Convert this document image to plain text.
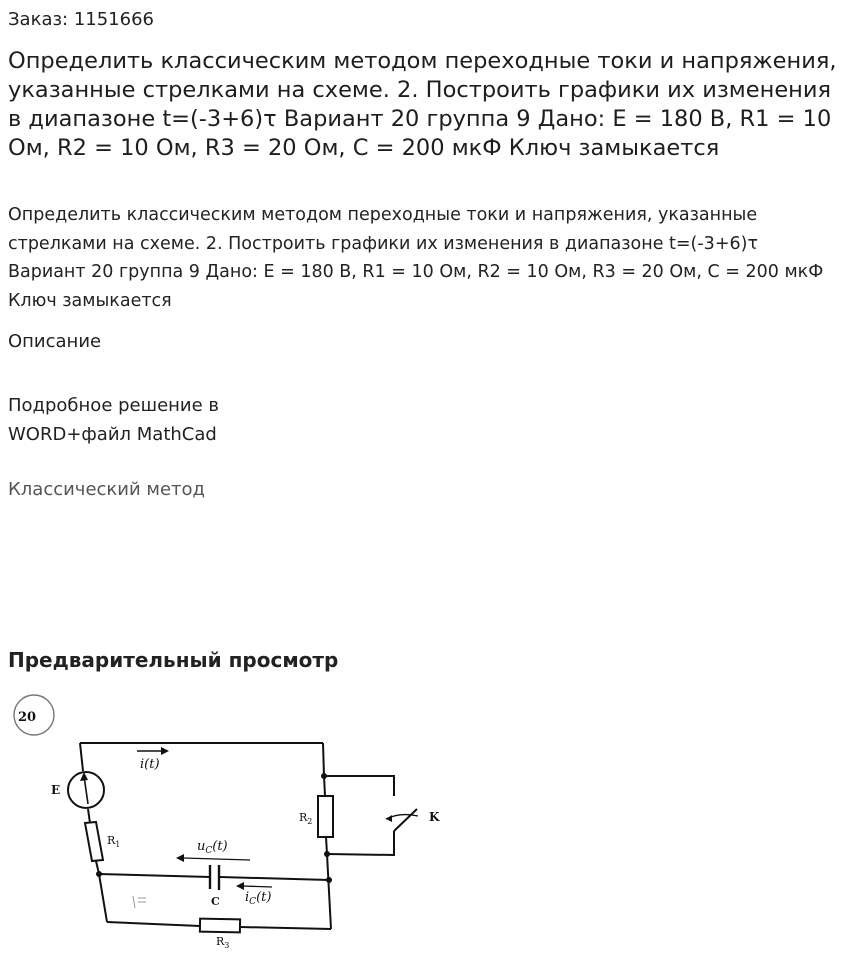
Заказ: 1151666
Определить классическим методом переходные токи и напряжения, указанные стрелками на схеме. 2. Построить графики их изменения в диапазоне t=(-3+6)τ Вариант 20 группа 9 Дано: E = 180 В, R1 = 10 Ом, R2 = 10 Ом, R3 = 20 Ом, C = 200 мкФ Ключ замыкается

Определить классическим методом переходные токи и напряжения, указанные стрелками на схеме. 2. Построить графики их изменения в диапазоне t=(-3+6)τ Вариант 20 группа 9 Дано: E = 180 В, R1 = 10 Ом, R2 = 10 Ом, R3 = 20 Ом, C = 200 мкФ Ключ замыкается

Описание
Подробное решение в WORD+файл MathCad
Классический метод
Предварительный просмотр
20
E
$R_1$
$R_2$
$R_3$
C
K
i(t)
$u_C(t)$
$i_C(t)$
